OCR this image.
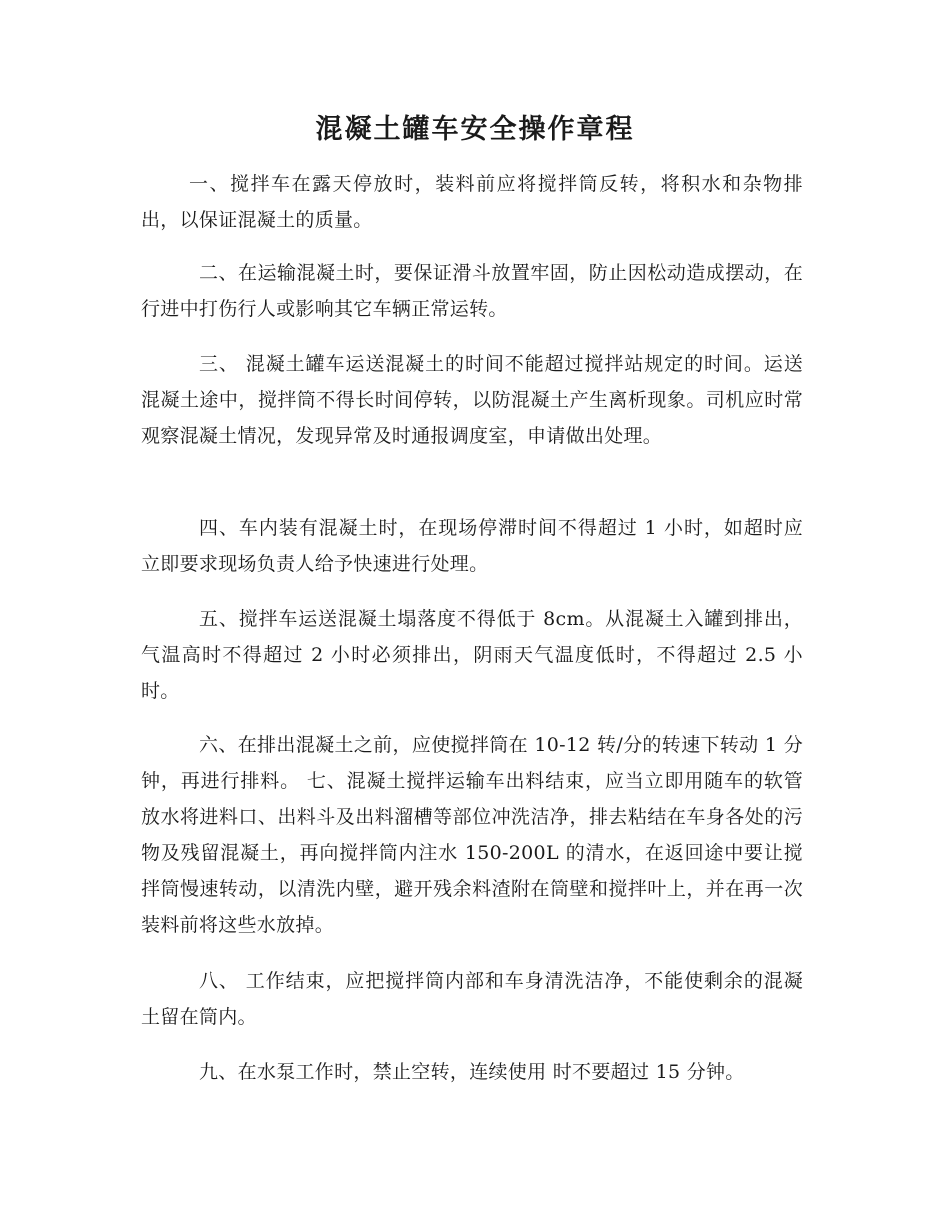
混凝土罐车安全操作章程

一、搅拌车在露天停放时，装料前应将搅拌筒反转，将积水和杂物排出，以保证混凝土的质量。

二、在运输混凝土时，要保证滑斗放置牢固，防止因松动造成摆动，在行进中打伤行人或影响其它车辆正常运转。

三、 混凝土罐车运送混凝土的时间不能超过搅拌站规定的时间。运送混凝土途中，搅拌筒不得长时间停转，以防混凝土产生离析现象。司机应时常观察混凝土情况，发现异常及时通报调度室，申请做出处理。

四、车内装有混凝土时，在现场停滞时间不得超过 1 小时，如超时应立即要求现场负责人给予快速进行处理。

五、搅拌车运送混凝土塌落度不得低于 8cm。从混凝土入罐到排出，气温高时不得超过 2 小时必须排出，阴雨天气温度低时，不得超过 2.5 小时。

六、在排出混凝土之前，应使搅拌筒在 10-12 转/分的转速下转动 1 分钟，再进行排料。 七、混凝土搅拌运输车出料结束，应当立即用随车的软管放水将进料口、出料斗及出料溜槽等部位冲洗洁净，排去粘结在车身各处的污物及残留混凝土，再向搅拌筒内注水 150-200L 的清水，在返回途中要让搅拌筒慢速转动，以清洗内壁，避开残余料渣附在筒壁和搅拌叶上，并在再一次装料前将这些水放掉。

八、 工作结束，应把搅拌筒内部和车身清洗洁净，不能使剩余的混凝土留在筒内。

九、在水泵工作时，禁止空转，连续使用 时不要超过 15 分钟。
